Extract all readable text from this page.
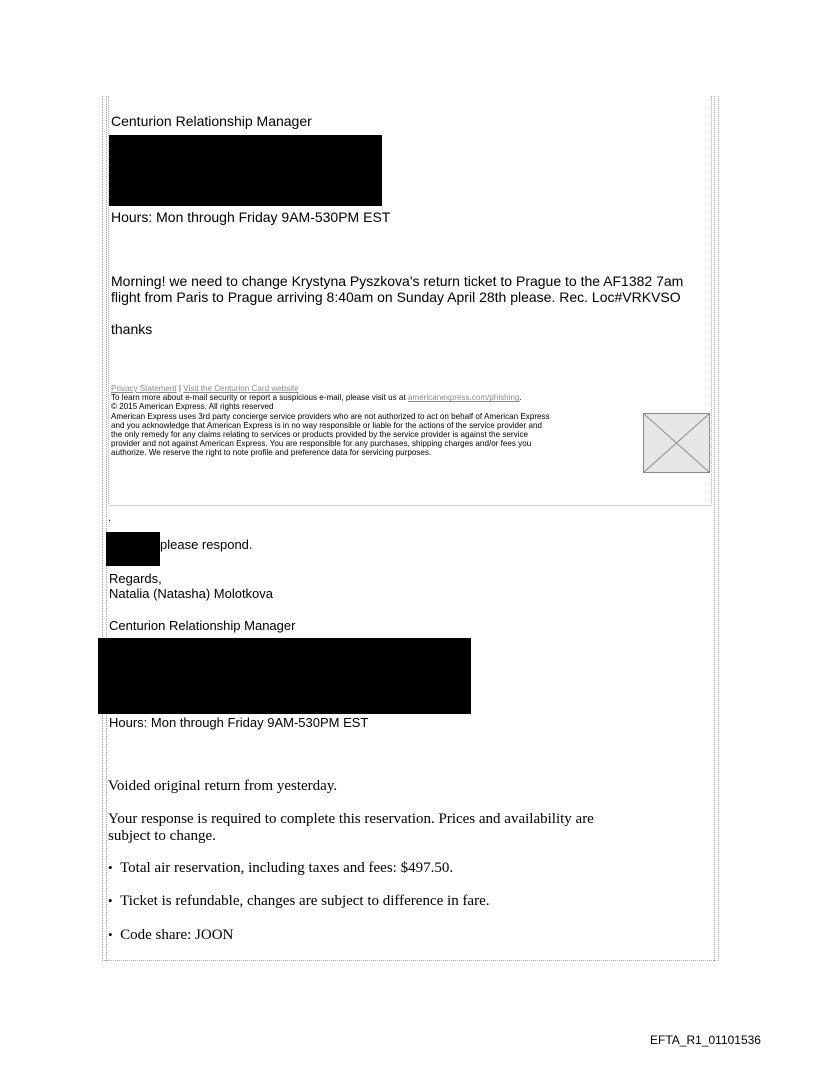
Centurion Relationship Manager
Hours: Mon through Friday 9AM-530PM EST
Morning! we need to change Krystyna Pyszkova's return ticket to Prague to the AF1382 7am
flight from Paris to Prague arriving 8:40am on Sunday April 28th please. Rec. Loc#VRKVSO
thanks
Privacy Statement | Visit the Centurion Card website
To learn more about e-mail security or report a suspicious e-mail, please visit us at americanexpress.com/phishing.
© 2015 American Express. All rights reserved
American Express uses 3rd party concierge service providers who are not authorized to act on behalf of American Express
and you acknowledge that American Express is in no way responsible or liable for the actions of the service provider and
the only remedy for any claims relating to services or products provided by the service provider is against the service
provider and not against American Express. You are responsible for any purchases, shipping charges and/or fees you
authorize. We reserve the right to note profile and preference data for servicing purposes.
.
please respond.
Regards,
Natalia (Natasha) Molotkova
Centurion Relationship Manager
Hours: Mon through Friday 9AM-530PM EST
Voided original return from yesterday.
Your response is required to complete this reservation. Prices and availability are
subject to change.
• Total air reservation, including taxes and fees: $497.50.
• Ticket is refundable, changes are subject to difference in fare.
• Code share: JOON
EFTA_R1_01101536
